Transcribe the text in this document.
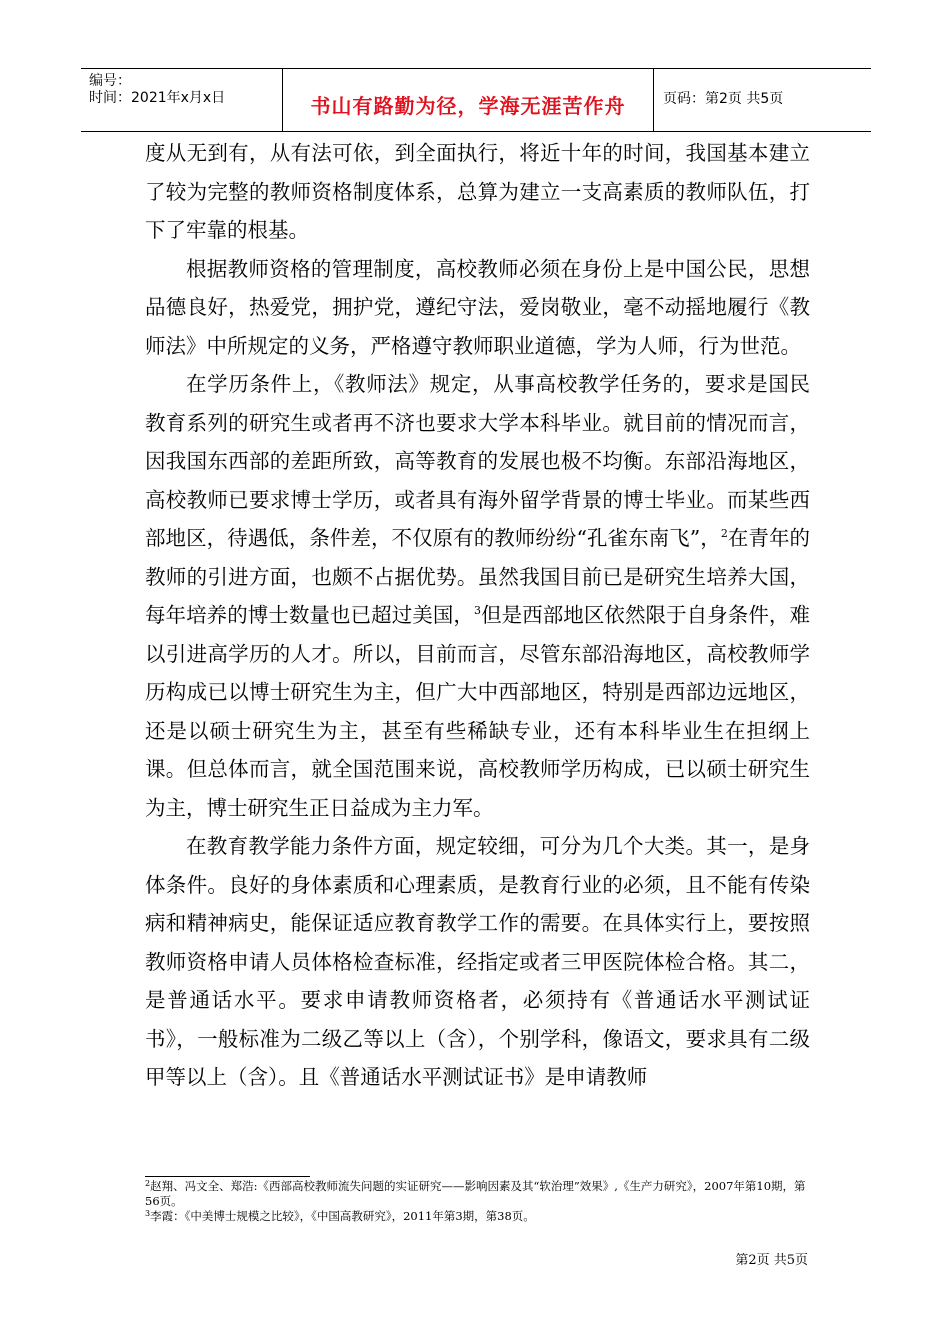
编号：
时间：2021年x月x日	书山有路勤为径，学海无涯苦作舟	页码：第2页 共5页

度从无到有，从有法可依，到全面执行，将近十年的时间，我国基本建立了较为完整的教师资格制度体系，总算为建立一支高素质的教师队伍，打下了牢靠的根基。

根据教师资格的管理制度，高校教师必须在身份上是中国公民，思想品德良好，热爱党，拥护党，遵纪守法，爱岗敬业，毫不动摇地履行《教师法》中所规定的义务，严格遵守教师职业道德，学为人师，行为世范。

在学历条件上，《教师法》规定，从事高校教学任务的，要求是国民教育系列的研究生或者再不济也要求大学本科毕业。就目前的情况而言，因我国东西部的差距所致，高等教育的发展也极不均衡。东部沿海地区，高校教师已要求博士学历，或者具有海外留学背景的博士毕业。而某些西部地区，待遇低，条件差，不仅原有的教师纷纷“孔雀东南飞”，$^2$在青年的教师的引进方面，也颇不占据优势。虽然我国目前已是研究生培养大国，每年培养的博士数量也已超过美国，$^3$但是西部地区依然限于自身条件，难以引进高学历的人才。所以，目前而言，尽管东部沿海地区，高校教师学历构成已以博士研究生为主，但广大中西部地区，特别是西部边远地区，还是以硕士研究生为主，甚至有些稀缺专业，还有本科毕业生在担纲上课。但总体而言，就全国范围来说，高校教师学历构成，已以硕士研究生为主，博士研究生正日益成为主力军。

在教育教学能力条件方面，规定较细，可分为几个大类。其一，是身体条件。良好的身体素质和心理素质，是教育行业的必须，且不能有传染病和精神病史，能保证适应教育教学工作的需要。在具体实行上，要按照教师资格申请人员体格检查标准，经指定或者三甲医院体检合格。其二，是普通话水平。要求申请教师资格者，必须持有《普通话水平测试证书》，一般标准为二级乙等以上（含），个别学科，像语文，要求具有二级甲等以上（含）。且《普通话水平测试证书》是申请教师

$^2$赵翔、冯文全、郑浩:《西部高校教师流失问题的实证研究——影响因素及其“软治理”效果》,《生产力研究》，2007年第10期，第56页。

$^3$李霞：《中美博士规模之比较》，《中国高教研究》，2011年第3期，第38页。

第2页 共5页
